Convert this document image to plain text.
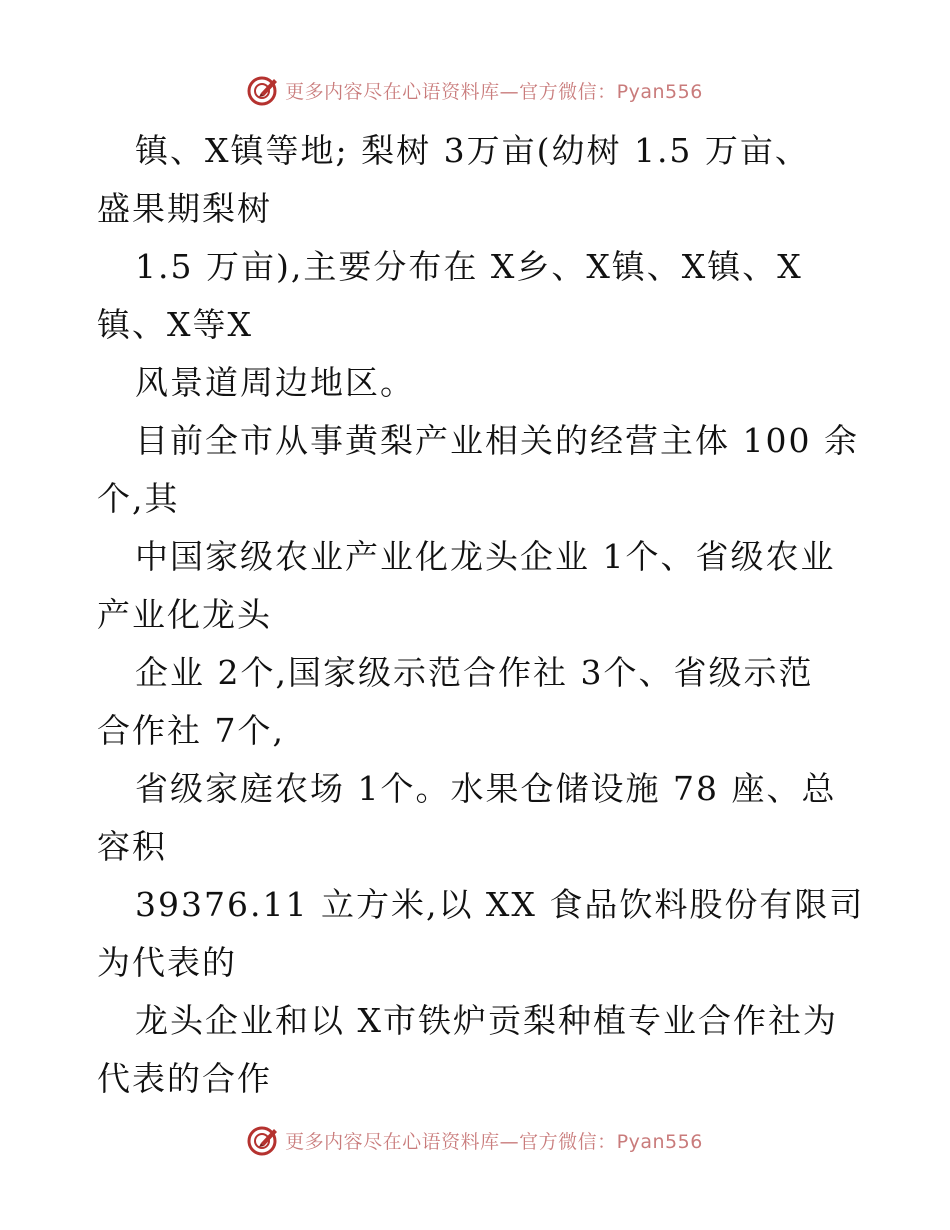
更多内容尽在心语资料库—官方微信：Pyan556
镇、X镇等地; 梨树 3万亩(幼树 1.5 万亩、
盛果期梨树
1.5 万亩),主要分布在 X乡、X镇、X镇、X
镇、X等X
风景道周边地区。
目前全市从事黄梨产业相关的经营主体 100 余
个,其
中国家级农业产业化龙头企业 1个、省级农业
产业化龙头
企业 2个,国家级示范合作社 3个、省级示范
合作社 7个,
省级家庭农场 1个。水果仓储设施 78 座、总
容积
39376.11 立方米,以 XX 食品饮料股份有限司
为代表的
龙头企业和以 X市铁炉贡梨种植专业合作社为
代表的合作
更多内容尽在心语资料库—官方微信：Pyan556
